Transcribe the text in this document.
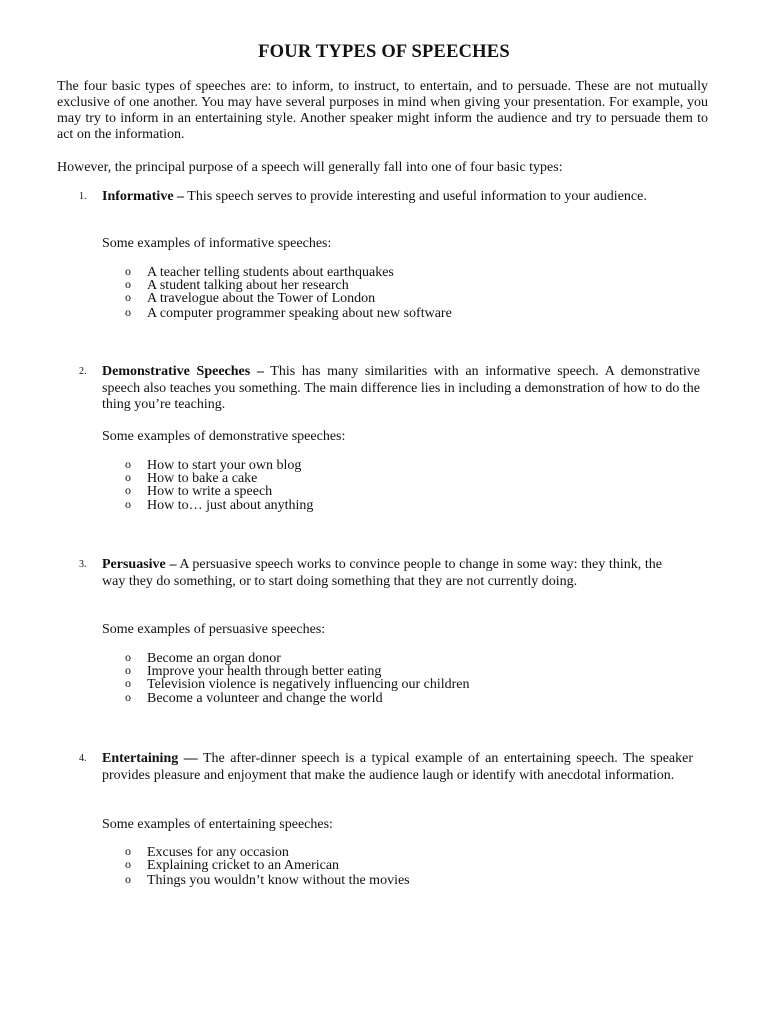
FOUR TYPES OF SPEECHES

The four basic types of speeches are: to inform, to instruct, to entertain, and to persuade. These are not mutually exclusive of one another. You may have several purposes in mind when giving your presentation. For example, you may try to inform in an entertaining style. Another speaker might inform the audience and try to persuade them to act on the information.

However, the principal purpose of a speech will generally fall into one of four basic types:

1. Informative – This speech serves to provide interesting and useful information to your audience.

Some examples of informative speeches:
o A teacher telling students about earthquakes
o A student talking about her research
o A travelogue about the Tower of London
o A computer programmer speaking about new software
2. Demonstrative Speeches – This has many similarities with an informative speech. A demonstrative speech also teaches you something. The main difference lies in including a demonstration of how to do the thing you’re teaching.

Some examples of demonstrative speeches:
o How to start your own blog
o How to bake a cake
o How to write a speech
o How to… just about anything
3. Persuasive – A persuasive speech works to convince people to change in some way: they think, the way they do something, or to start doing something that they are not currently doing.

Some examples of persuasive speeches:
o Become an organ donor
o Improve your health through better eating
o Television violence is negatively influencing our children
o Become a volunteer and change the world
4. Entertaining — The after-dinner speech is a typical example of an entertaining speech. The speaker provides pleasure and enjoyment that make the audience laugh or identify with anecdotal information.

Some examples of entertaining speeches:
o Excuses for any occasion
o Explaining cricket to an American
o Things you wouldn’t know without the movies
